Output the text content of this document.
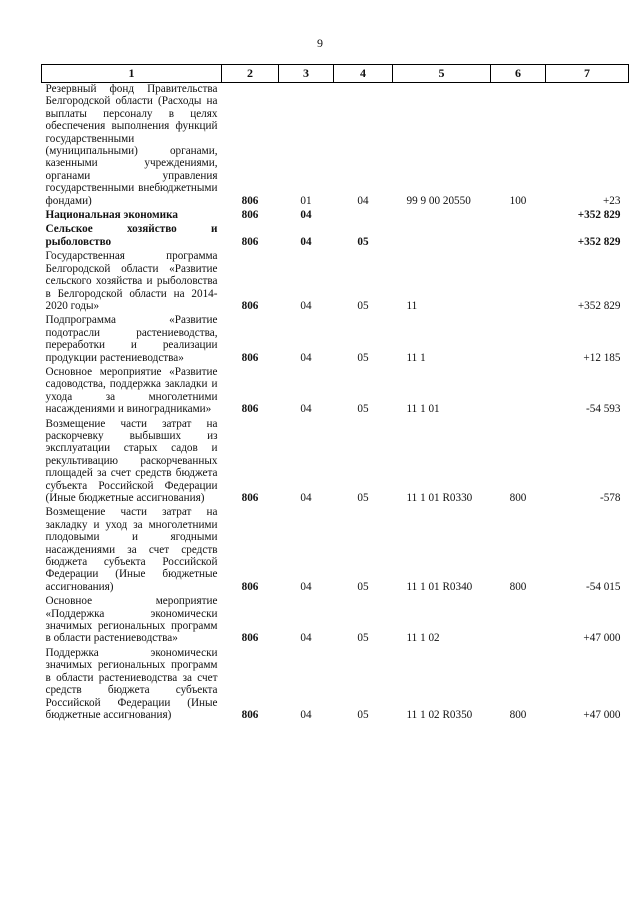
9
1	2	3	4	5	6	7
Резервный фонд Правительства Белгородской области (Расходы на выплаты персоналу в целях обеспечения выполнения функций государственными (муниципальными) органами, казенными учреждениями, органами управления государственными внебюджетными фондами)	806	01	04	99 9 00 20550	100	+23
Национальная экономика	806	04				+352 829
Сельское хозяйство и рыболовство	806	04	05			+352 829
Государственная программа Белгородской области «Развитие сельского хозяйства и рыболовства в Белгородской области на 2014-2020 годы»	806	04	05	11		+352 829
Подпрограмма «Развитие подотрасли растениеводства, переработки и реализации продукции растениеводства»	806	04	05	11 1		+12 185
Основное мероприятие «Развитие садоводства, поддержка закладки и ухода за многолетними насаждениями и виноградниками»	806	04	05	11 1 01		-54 593
Возмещение части затрат на раскорчевку выбывших из эксплуатации старых садов и рекультивацию раскорчеванных площадей за счет средств бюджета субъекта Российской Федерации (Иные бюджетные ассигнования)	806	04	05	11 1 01 R0330	800	-578
Возмещение части затрат на закладку и уход за многолетними плодовыми и ягодными насаждениями за счет средств бюджета субъекта Российской Федерации (Иные бюджетные ассигнования)	806	04	05	11 1 01 R0340	800	-54 015
Основное мероприятие «Поддержка экономически значимых региональных программ в области растениеводства»	806	04	05	11 1 02		+47 000
Поддержка экономически значимых региональных программ в области растениеводства за счет средств бюджета субъекта Российской Федерации (Иные бюджетные ассигнования)	806	04	05	11 1 02 R0350	800	+47 000
